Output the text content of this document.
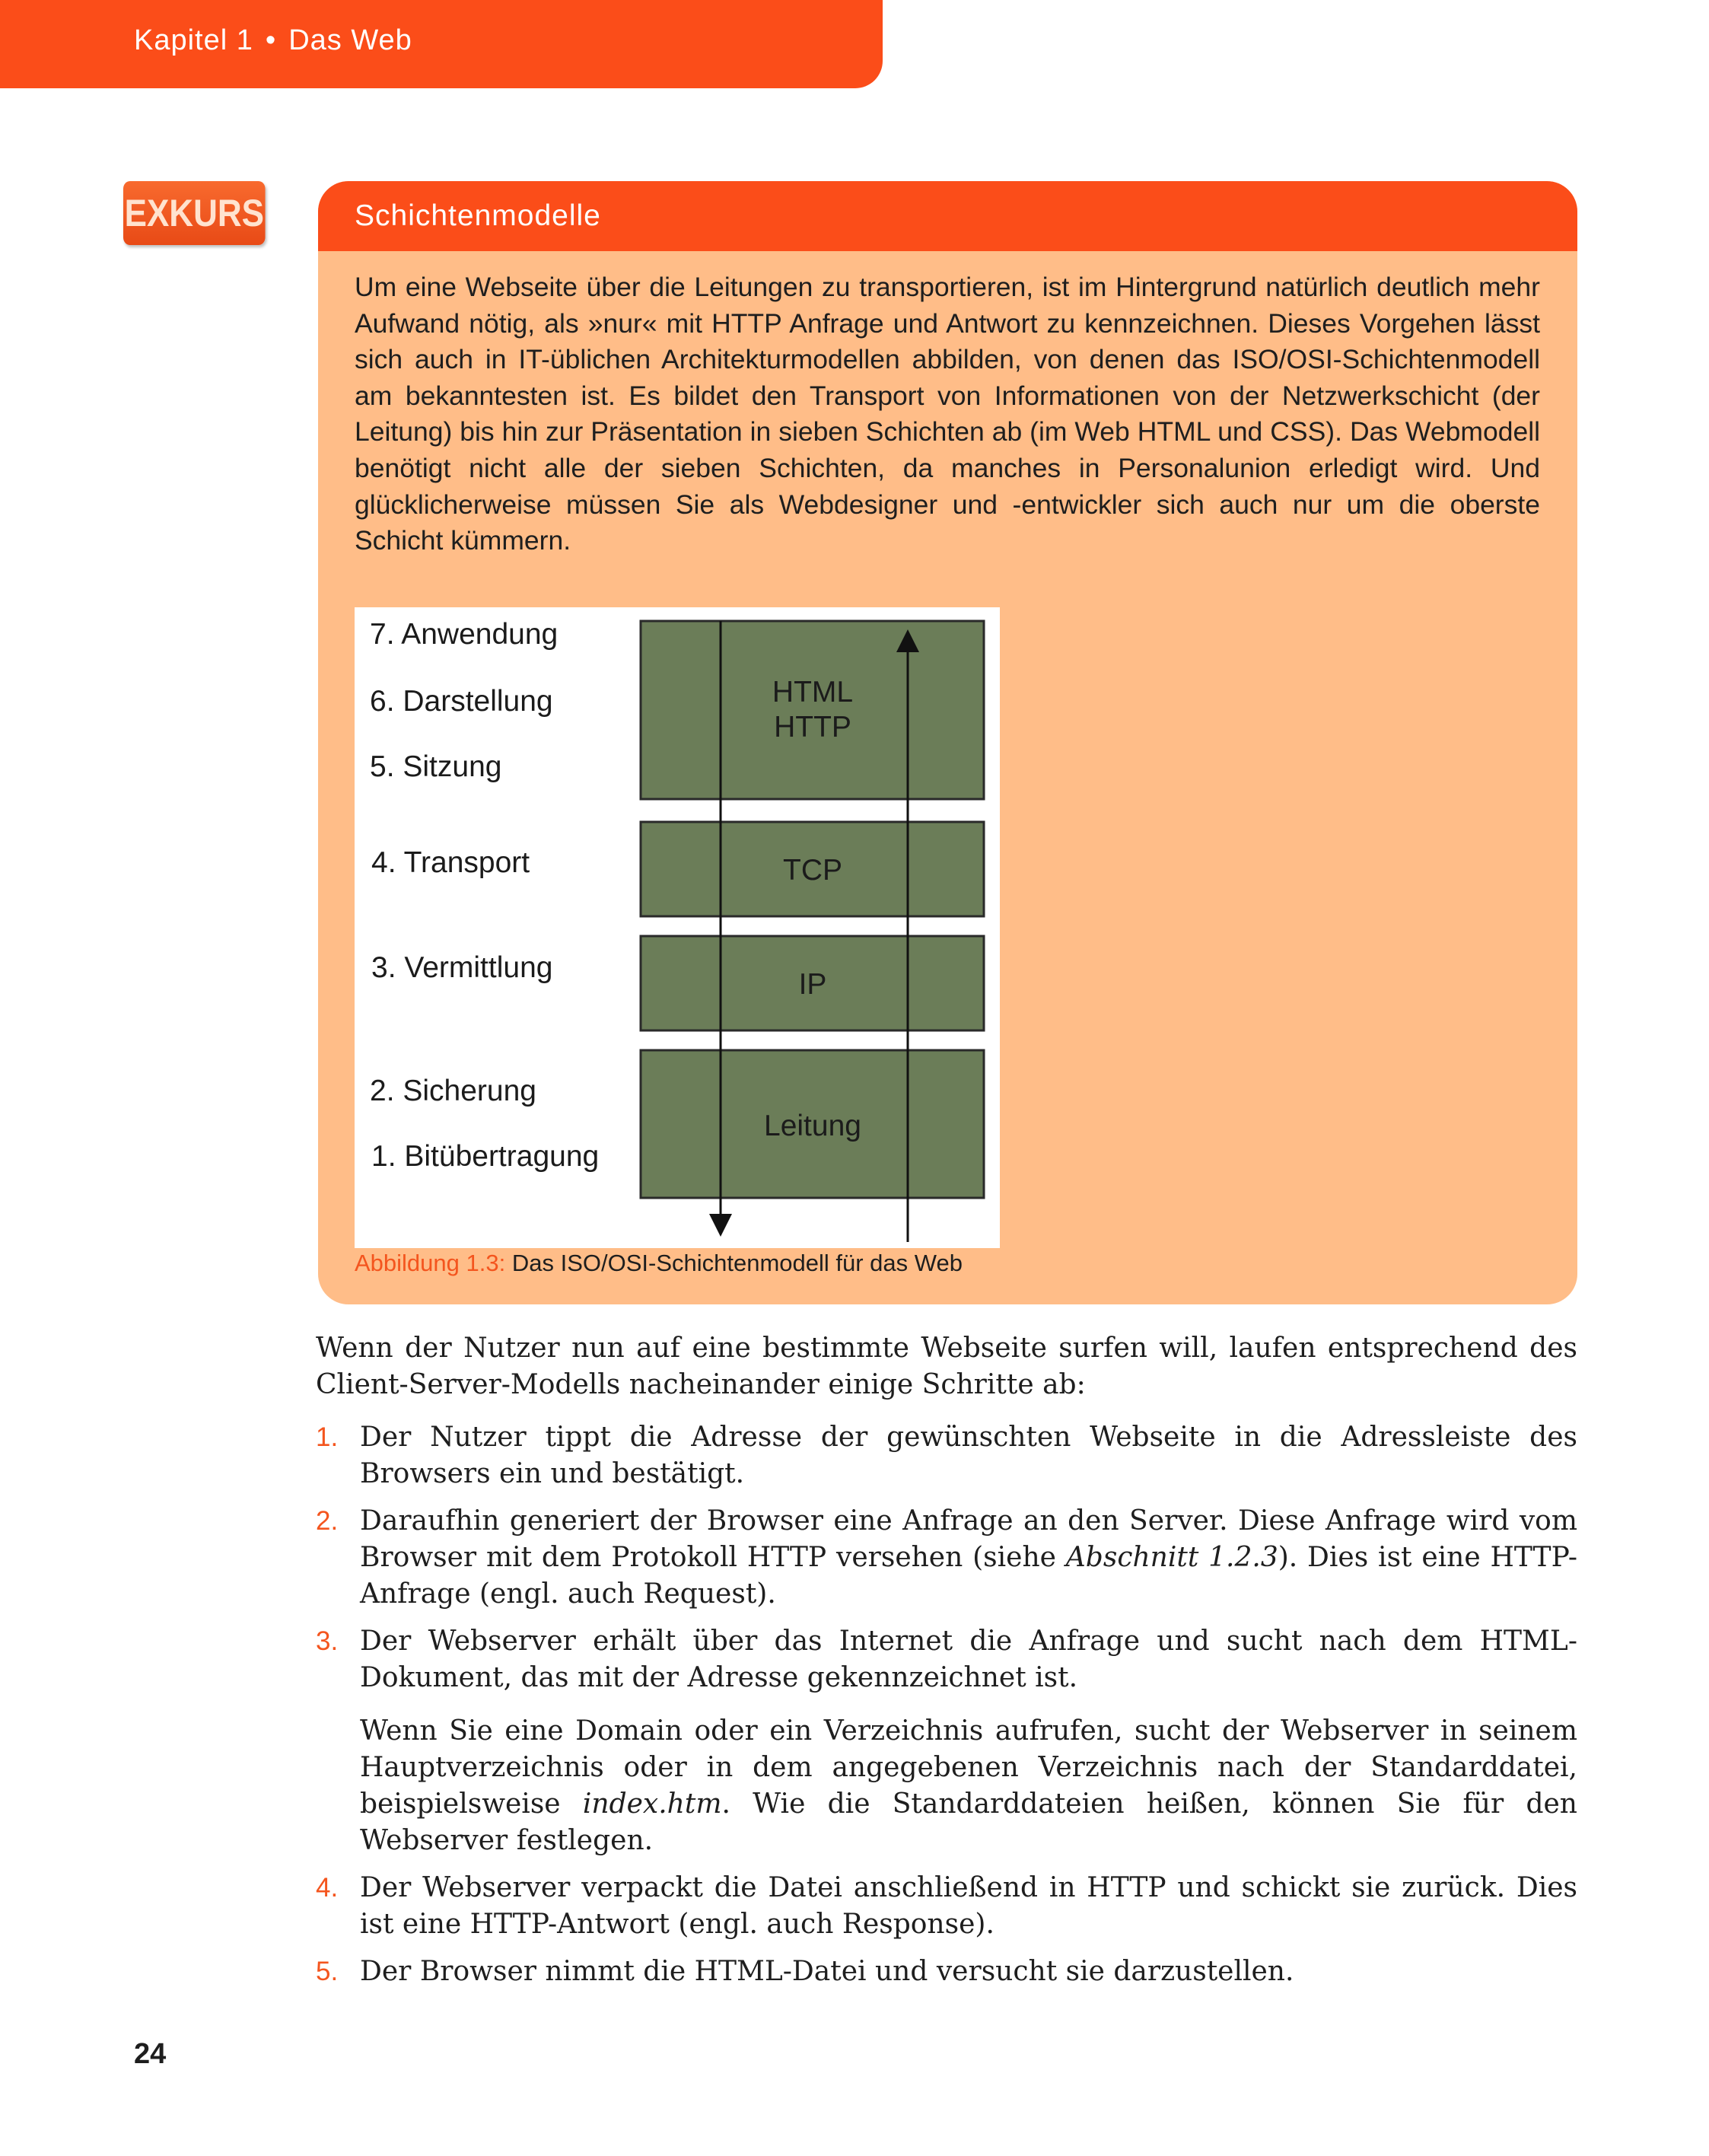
Kapitel 1 • Das Web
EXKURS	Schichtenmodelle

Um eine Webseite über die Leitungen zu transportieren, ist im Hintergrund natürlich deutlich mehr Aufwand nötig, als »nur« mit HTTP Anfrage und Antwort zu kennzeichnen. Dieses Vorgehen lässt sich auch in IT-üblichen Architekturmodellen abbilden, von denen das ISO/OSI-Schichtenmodell am bekanntesten ist. Es bildet den Transport von Informationen von der Netzwerkschicht (der Leitung) bis hin zur Präsentation in sieben Schichten ab (im Web HTML und CSS). Das Webmodell benötigt nicht alle der sieben Schichten, da manches in Personalunion erledigt wird. Und glücklicherweise müssen Sie als Webdesigner und -entwickler sich auch nur um die oberste Schicht kümmern.

7. Anwendung
6. Darstellung
5. Sitzung
4. Transport
3. Vermittlung
2. Sicherung
1. Bitübertragung
HTML
HTTP
TCP
IP
Leitung
Abbildung 1.3: Das ISO/OSI-Schichtenmodell für das Web

Wenn der Nutzer nun auf eine bestimmte Webseite surfen will, laufen entsprechend des Client-Server-Modells nacheinander einige Schritte ab:

1. Der Nutzer tippt die Adresse der gewünschten Webseite in die Adressleiste des Browsers ein und bestätigt.
2. Daraufhin generiert der Browser eine Anfrage an den Server. Diese Anfrage wird vom Browser mit dem Protokoll HTTP versehen (siehe Abschnitt 1.2.3). Dies ist eine HTTP-Anfrage (engl. auch Request).
3. Der Webserver erhält über das Internet die Anfrage und sucht nach dem HTML-Dokument, das mit der Adresse gekennzeichnet ist.
Wenn Sie eine Domain oder ein Verzeichnis aufrufen, sucht der Webserver in seinem Hauptverzeichnis oder in dem angegebenen Verzeichnis nach der Standarddatei, beispielsweise index.htm. Wie die Standarddateien heißen, können Sie für den Webserver festlegen.
4. Der Webserver verpackt die Datei anschließend in HTTP und schickt sie zurück. Dies ist eine HTTP-Antwort (engl. auch Response).
5. Der Browser nimmt die HTML-Datei und versucht sie darzustellen.
24
